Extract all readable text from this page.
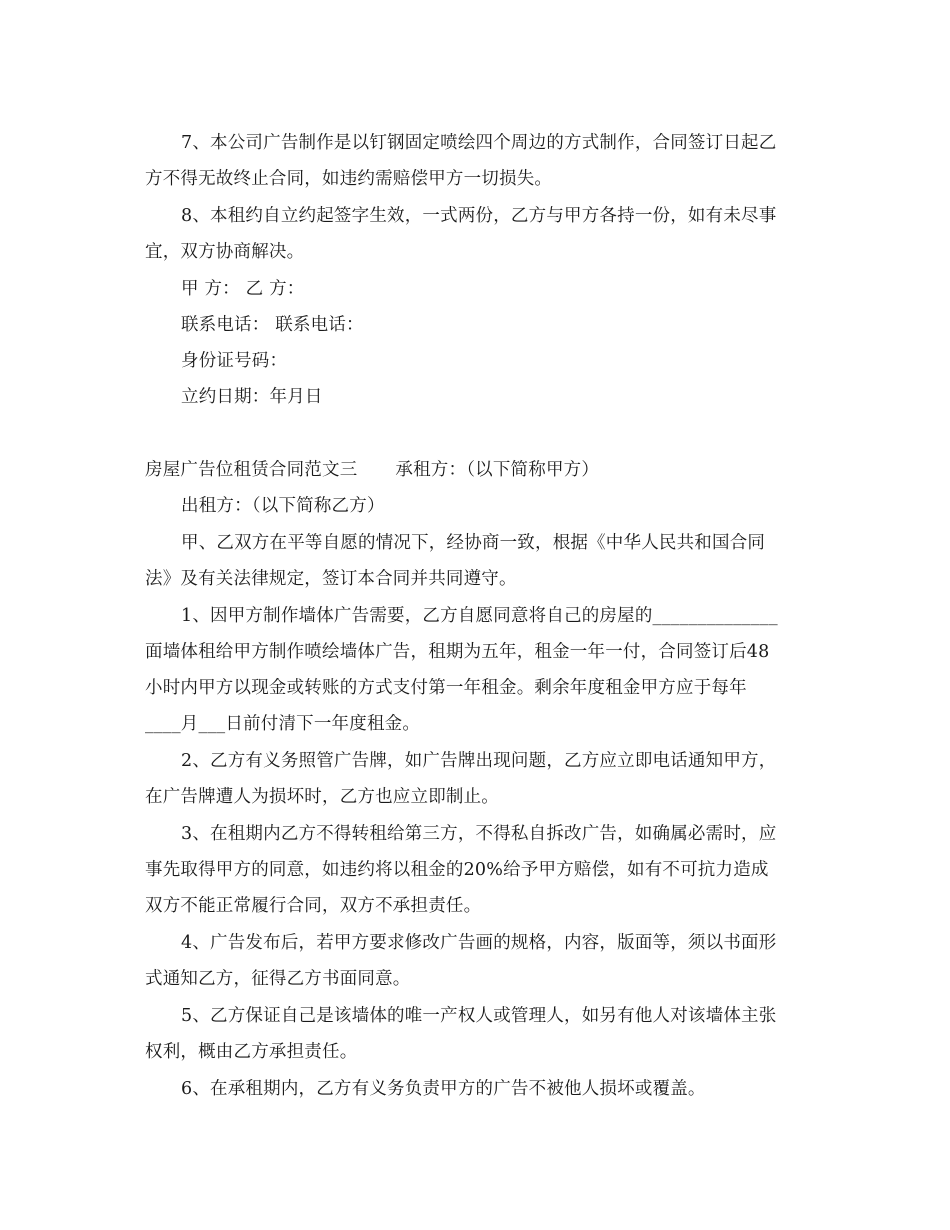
7、本公司广告制作是以钉钢固定喷绘四个周边的方式制作，合同签订日起乙
方不得无故终止合同，如违约需赔偿甲方一切损失。
8、本租约自立约起签字生效，一式两份，乙方与甲方各持一份，如有未尽事
宜，双方协商解决。
甲 方： 乙 方：
联系电话： 联系电话：
身份证号码：
立约日期：年月日
房屋广告位租赁合同范文三 承租方：（以下简称甲方）
出租方：（以下简称乙方）
甲、乙双方在平等自愿的情况下，经协商一致，根据《中华人民共和国合同
法》及有关法律规定，签订本合同并共同遵守。
1、因甲方制作墙体广告需要，乙方自愿同意将自己的房屋的______________
面墙体租给甲方制作喷绘墙体广告，租期为五年，租金一年一付，合同签订后48
小时内甲方以现金或转账的方式支付第一年租金。剩余年度租金甲方应于每年
____月___日前付清下一年度租金。
2、乙方有义务照管广告牌，如广告牌出现问题，乙方应立即电话通知甲方，
在广告牌遭人为损坏时，乙方也应立即制止。
3、在租期内乙方不得转租给第三方，不得私自拆改广告，如确属必需时，应
事先取得甲方的同意，如违约将以租金的20%给予甲方赔偿，如有不可抗力造成
双方不能正常履行合同，双方不承担责任。
4、广告发布后，若甲方要求修改广告画的规格，内容，版面等，须以书面形
式通知乙方，征得乙方书面同意。
5、乙方保证自己是该墙体的唯一产权人或管理人，如另有他人对该墙体主张
权利，概由乙方承担责任。
6、在承租期内，乙方有义务负责甲方的广告不被他人损坏或覆盖。
